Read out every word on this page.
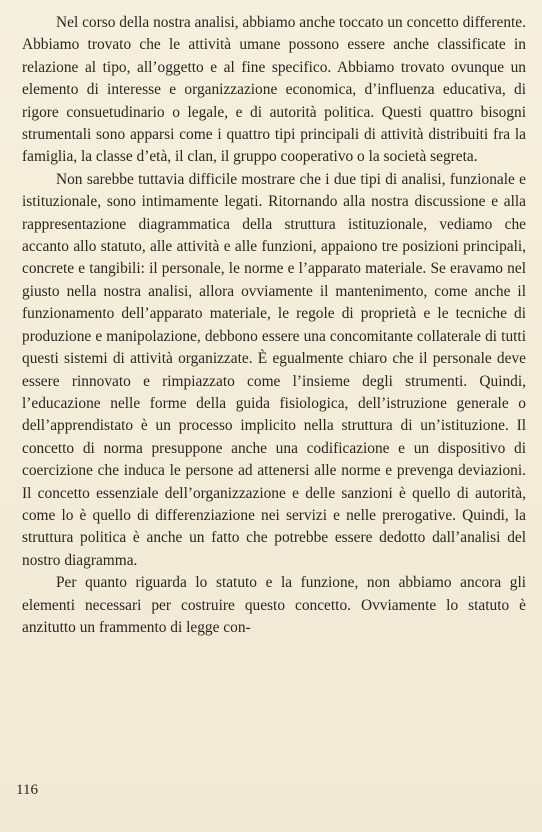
Nel corso della nostra analisi, abbiamo anche toccato un concetto differente. Abbiamo trovato che le attività umane possono essere anche classificate in relazione al tipo, all’oggetto e al fine specifico. Abbiamo trovato ovunque un elemento di interesse e organizzazione economica, d’influenza educativa, di rigore consuetudinario o legale, e di autorità politica. Questi quattro bisogni strumentali sono apparsi come i quattro tipi principali di attività distribuiti fra la famiglia, la classe d’età, il clan, il gruppo cooperativo o la società segreta.

Non sarebbe tuttavia difficile mostrare che i due tipi di analisi, funzionale e istituzionale, sono intimamente legati. Ritornando alla nostra discussione e alla rappresentazione diagrammatica della struttura istituzionale, vediamo che accanto allo statuto, alle attività e alle funzioni, appaiono tre posizioni principali, concrete e tangibili: il personale, le norme e l’apparato materiale. Se eravamo nel giusto nella nostra analisi, allora ovviamente il mantenimento, come anche il funzionamento dell’apparato materiale, le regole di proprietà e le tecniche di produzione e manipolazione, debbono essere una concomitante collaterale di tutti questi sistemi di attività organizzate. È egualmente chiaro che il personale deve essere rinnovato e rimpiazzato come l’insieme degli strumenti. Quindi, l’educazione nelle forme della guida fisiologica, dell’istruzione generale o dell’apprendistato è un processo implicito nella struttura di un’istituzione. Il concetto di norma presuppone anche una codificazione e un dispositivo di coercizione che induca le persone ad attenersi alle norme e prevenga deviazioni. Il concetto essenziale dell’organizzazione e delle sanzioni è quello di autorità, come lo è quello di differenziazione nei servizi e nelle prerogative. Quindi, la struttura politica è anche un fatto che potrebbe essere dedotto dall’analisi del nostro diagramma.

Per quanto riguarda lo statuto e la funzione, non abbiamo ancora gli elementi necessari per costruire questo concetto. Ovviamente lo statuto è anzitutto un frammento di legge con-

116
